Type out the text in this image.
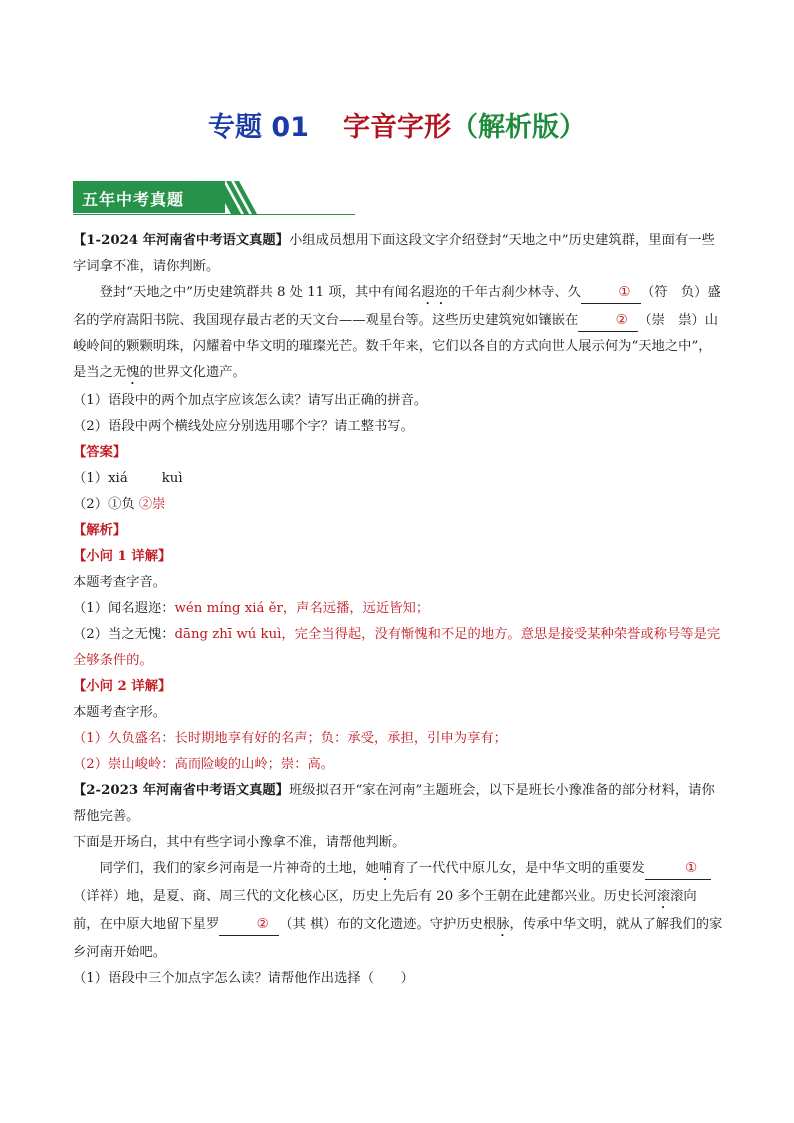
专题 01 字音字形（解析版）
五年中考真题

【1-2024 年河南省中考语文真题】小组成员想用下面这段文字介绍登封“天地之中”历史建筑群，里面有一些字词拿不准，请你判断。

登封“天地之中”历史建筑群共 8 处 11 项，其中有闻名遐迩的千年古刹少林寺、久	① （符　负）盛名的学府嵩阳书院、我国现存最古老的天文台——观星台等。这些历史建筑宛如镶嵌在	② （崇　祟）山峻岭间的颗颗明珠，闪耀着中华文明的璀璨光芒。数千年来，它们以各自的方式向世人展示何为“天地之中”，是当之无愧的世界文化遗产。

（1）语段中的两个加点字应该怎么读？请写出正确的拼音。

（2）语段中两个横线处应分别选用哪个字？请工整书写。

【答案】

（1）xiá	kuì

（2）①负 ②崇

【解析】

【小问 1 详解】

本题考查字音。

（1）闻名遐迩：wén míng xiá ěr，声名远播，远近皆知；

（2）当之无愧：dāng zhī wú kuì，完全当得起，没有惭愧和不足的地方。意思是接受某种荣誉或称号等是完全够条件的。

【小问 2 详解】

本题考查字形。

（1）久负盛名：长时期地享有好的名声；负：承受，承担，引申为享有；

（2）崇山峻岭：高而险峻的山岭；崇：高。

【2-2023 年河南省中考语文真题】班级拟召开“家在河南”主题班会，以下是班长小豫准备的部分材料，请你帮他完善。

下面是开场白，其中有些字词小豫拿不准，请帮他判断。

同学们，我们的家乡河南是一片神奇的土地，她哺育了一代代中原儿女，是中华文明的重要发	①（详祥）地，是夏、商、周三代的文化核心区，历史上先后有 20 多个王朝在此建都兴业。历史长河滚滚向前，在中原大地留下星罗	② （其 棋）布的文化遗迹。守护历史根脉，传承中华文明，就从了解我们的家乡河南开始吧。

（1）语段中三个加点字怎么读？请帮他作出选择（　　）
